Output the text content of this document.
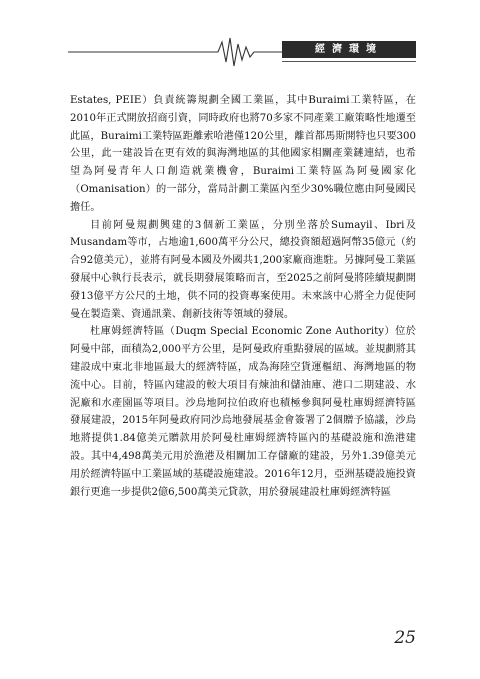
經濟環境

Estates, PEIE）負責統籌規劃全國工業區，其中Buraimi工業特區，在2010年正式開放招商引資，同時政府也將70多家不同產業工廠策略性地遷至此區，Buraimi工業特區距離索哈港僅120公里，離首都馬斯開特也只要300公里，此一建設旨在更有效的與海灣地區的其他國家相關產業鏈連結，也希望為阿曼青年人口創造就業機會，Buraimi工業特區為阿曼國家化（Omanisation）的一部分，當局計劃工業區內至少30%職位應由阿曼國民擔任。

目前阿曼規劃興建的3個新工業區，分別坐落於Sumayil、Ibri及Musandam等市，占地逾1,600萬平分公尺，總投資額超過阿幣35億元（約合92億美元），並將有阿曼本國及外國共1,200家廠商進駐。另據阿曼工業區發展中心執行長表示，就長期發展策略而言，至2025之前阿曼將陸續規劃開發13億平方公尺的土地，供不同的投資專案使用。未來該中心將全力促使阿曼在製造業、資通訊業、創新技術等領域的發展。

杜庫姆經濟特區（Duqm Special Economic Zone Authority）位於阿曼中部，面積為2,000平方公里，是阿曼政府重點發展的區域。並規劃將其建設成中東北非地區最大的經濟特區，成為海陸空貨運樞紐、海灣地區的物流中心。目前，特區內建設的較大項目有煉油和儲油庫、港口二期建設、水泥廠和水產園區等項目。沙烏地阿拉伯政府也積極參與阿曼杜庫姆經濟特區發展建設，2015年阿曼政府同沙烏地發展基金會簽署了2個贈予協議，沙烏地將提供1.84億美元贈款用於阿曼杜庫姆經濟特區內的基礎設施和漁港建設。其中4,498萬美元用於漁港及相關加工存儲廠的建設，另外1.39億美元用於經濟特區中工業區域的基礎設施建設。2016年12月，亞洲基礎設施投資銀行更進一步提供2億6,500萬美元貸款，用於發展建設杜庫姆經濟特區

25
